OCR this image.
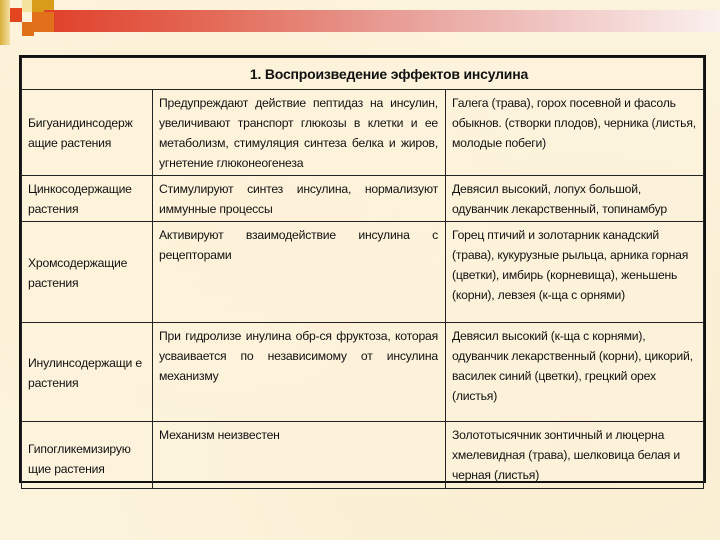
1. Воспроизведение эффектов инсулина		
Бигуанидинсодерж ащие растения	Предупреждают действие пептидаз на инсулин, увеличивают транспорт глюкозы в клетки и ее метаболизм, стимуляция синтеза белка и жиров, угнетение глюконеогенеза	Галега (трава), горох посевной и фасоль обыкнов. (створки плодов), черника (листья, молодые побеги)
Цинкосодержащие растения	Стимулируют синтез инсулина, нормализуют иммунные процессы	Девясил высокий, лопух большой, одуванчик лекарственный, топинамбур
Хромсодержащие растения	Активируют взаимодействие инсулина с рецепторами	Горец птичий и золотарник канадский (трава), кукурузные рыльца, арника горная (цветки), имбирь (корневища), женьшень (корни), левзея (к-ща с орнями)
Инулинсодержащи е растения	При гидролизе инулина обр-ся фруктоза, которая усваивается по независимому от инсулина механизму	Девясил высокий (к-ща с корнями), одуванчик лекарственный (корни), цикорий, василек синий (цветки), грецкий орех (листья)
Гипогликемизирую щие растения	Механизм неизвестен	Золототысячник зонтичный и люцерна хмелевидная (трава), шелковица белая и черная (листья)
